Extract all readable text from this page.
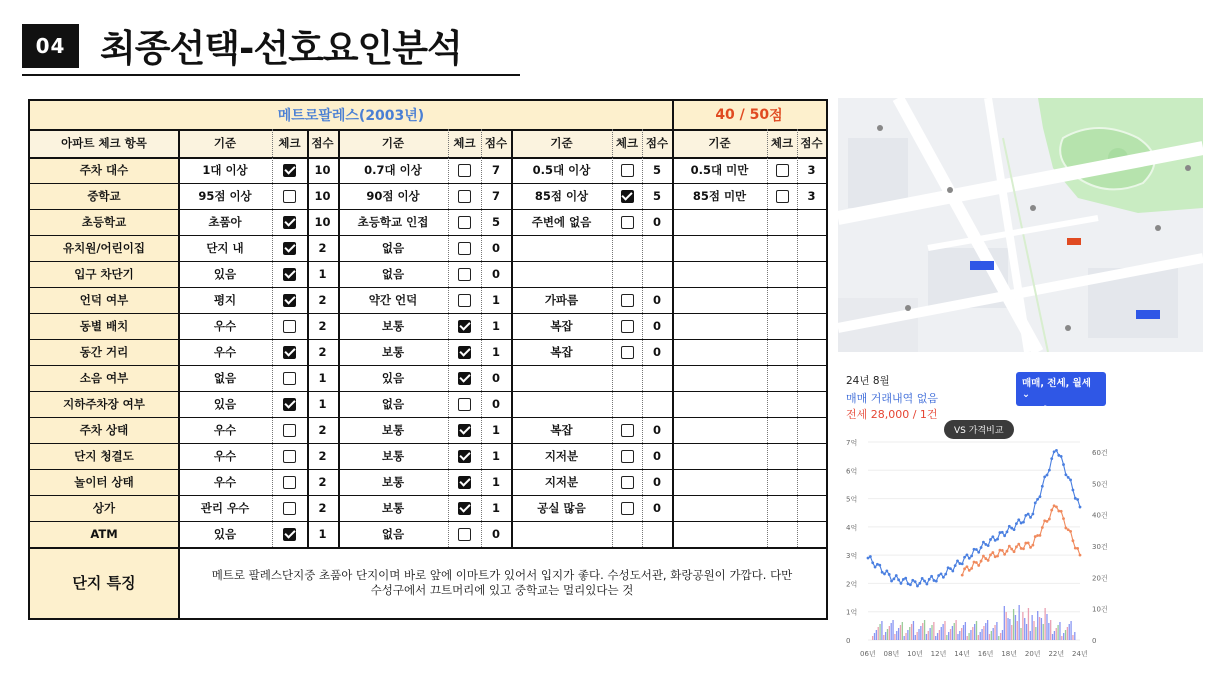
04 최종선택-선호요인분석
메트로팔레스 (2003년)	40 / 50 점
아파트 체크 항목	기준	체크 점수	기준	체크 점수	기준	체크 점수	기준	체크 점수
주차 대수	1대 이상	10	0.7대 이상	7	0.5대 이상	5	0.5대 미만	3
중학교	95점 이상	10	90점 이상	7	85점 이상	5	85점 미만	3
초등학교	초품아	10	초등학교 인접	5	주변에 없음	0
유치원/어린이집	단지 내	2	없음	0
입구 차단기	있음	1	없음	0
언덕 여부	평지	2	약간 언덕	1	가파름	0
동별 배치	우수	2	보통	1	복잡	0
동간 거리	우수	2	보통	1	복잡	0
소음 여부	없음	1	있음	0
지하주차장 여부	있음	1	없음	0
주차 상태	우수	2	보통	1	복잡	0
단지 청결도	우수	2	보통	1	지저분	0
놀이터 상태	우수	2	보통	1	지저분	0
상가	관리 우수	2	보통	1	공실 많음	0
ATM	있음	1	없음	0
단지 특징	메트로 팔레스단지중 초품아 단지이며 바로 앞에 이마트가 있어서 입지가 좋다. 수성도서관, 화랑공원이 가깝다. 다만
수성구에서 끄트머리에 있고 중학교는 멀리있다는 것
24년 8월
매매 거래내역 없음
전세 28,000 / 1건
매매, 전세, 월세 ⌄
34평 전용 84㎡
VS 가격비교
0
1억
2억
3억
4억
5억
6억
7억
0
10건
20건
30건
40건
50건
60건
06년 08년 10년 12년 14년 16년 18년 20년 22년 24년
